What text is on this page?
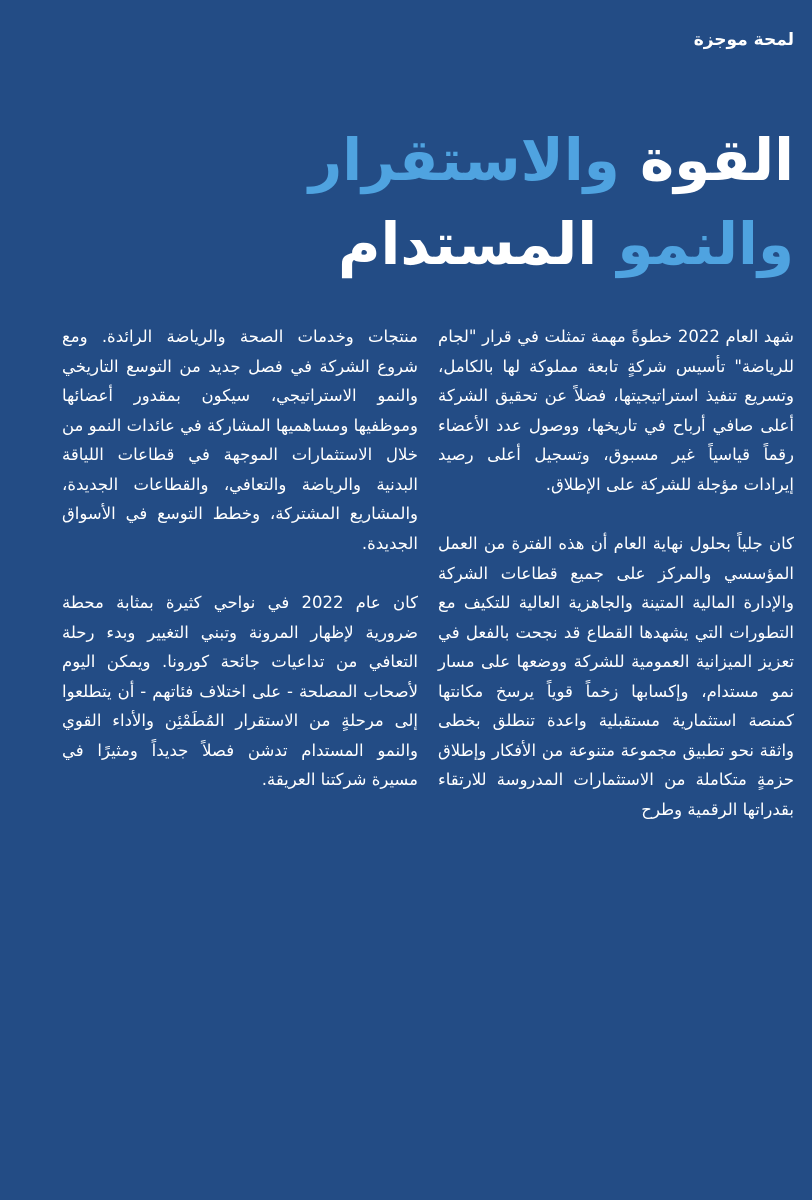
لمحة موجزة
القوة والاستقرار
والنمو المستدام

شهد العام 2022 خطوةً مهمة تمثلت في قرار "لجام للرياضة" تأسيس شركةٍ تابعة مملوكة لها بالكامل، وتسريع تنفيذ استراتيجيتها، فضلاً عن تحقيق الشركة أعلى صافي أرباح في تاريخها، ووصول عدد الأعضاء رقماً قياسياً غير مسبوق، وتسجيل أعلى رصيد إيرادات مؤجلة للشركة على الإطلاق.

كان جلياً بحلول نهاية العام أن هذه الفترة من العمل المؤسسي والمركز على جميع قطاعات الشركة والإدارة المالية المتينة والجاهزية العالية للتكيف مع التطورات التي يشهدها القطاع قد نجحت بالفعل في تعزيز الميزانية العمومية للشركة ووضعها على مسار نمو مستدام، وإكسابها زخماً قوياً يرسخ مكانتها كمنصة استثمارية مستقبلية واعدة تنطلق بخطى واثقة نحو تطبيق مجموعة متنوعة من الأفكار وإطلاق حزمةٍ متكاملة من الاستثمارات المدروسة للارتقاء بقدراتها الرقمية وطرح

منتجات وخدمات الصحة والرياضة الرائدة. ومع شروع الشركة في فصل جديد من التوسع التاريخي والنمو الاستراتيجي، سيكون بمقدور أعضائها وموظفيها ومساهميها المشاركة في عائدات النمو من خلال الاستثمارات الموجهة في قطاعات اللياقة البدنية والرياضة والتعافي، والقطاعات الجديدة، والمشاريع المشتركة، وخطط التوسع في الأسواق الجديدة.

كان عام 2022 في نواحي كثيرة بمثابة محطة ضرورية لإظهار المرونة وتبني التغيير وبدء رحلة التعافي من تداعيات جائحة كورونا. ويمكن اليوم لأصحاب المصلحة - على اختلاف فئاتهم - أن يتطلعوا إلى مرحلةٍ من الاستقرار المُطَمْئِن والأداء القوي والنمو المستدام تدشن فصلاً جديداً ومثيرًا في مسيرة شركتنا العريقة.
